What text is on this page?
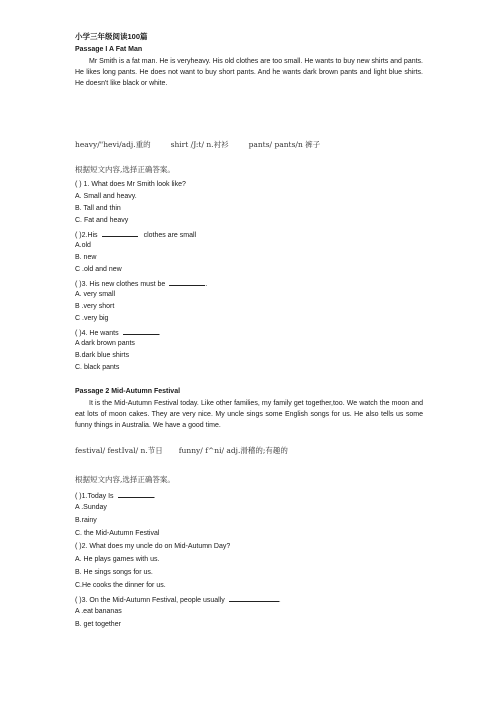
小学三年级阅读100篇
Passage I A Fat Man
Mr Smith is a fat man. He is veryheavy. His old clothes are too small. He wants to buy new shirts and pants. He likes long pants. He does not want to buy short pants. And he wants dark brown pants and light blue shirts. He doesn't like black or white.
heavy/"hevi/adj.重的	shirt /J:t/ n.衬衫	pants/ pants/n 裤子
根据短文内容,选择正确答案。
( ) 1. What does Mr Smith look like?
A. Small and heavy.
B. Tall and thin
C. Fat and heavy
( )2.His	clothes are small
A.old
B. new
C .old and new
( )3. His new clothes must be	.
A. very small
B .very short
C .very big
( )4. He wants	.
A dark brown pants
B.dark blue shirts
C. black pants
Passage 2 Mid-Autumn Festival
It is the Mid-Autumn Festival today. Like other families, my family get together,too. We watch the moon and eat lots of moon cakes. They are very nice. My uncle sings some English songs for us. He also tells us some funny things in Australia. We have a good time.
festival/ festIval/ n.节日 funny/ f^ni/ adj.滑稽的;有趣的
根据短文内容,选择正确答案。
( )1.Today Is	.
A .Sunday
B.rainy
C. the Mid-Autumn Festival
( )2. What does my uncle do on Mid-Autumn Day?
A. He plays games with us.
B. He sings songs for us.
C.He cooks the dinner for us.
( )3. On the Mid-Autumn Festival, people usually	.
A .eat bananas
B. get together
